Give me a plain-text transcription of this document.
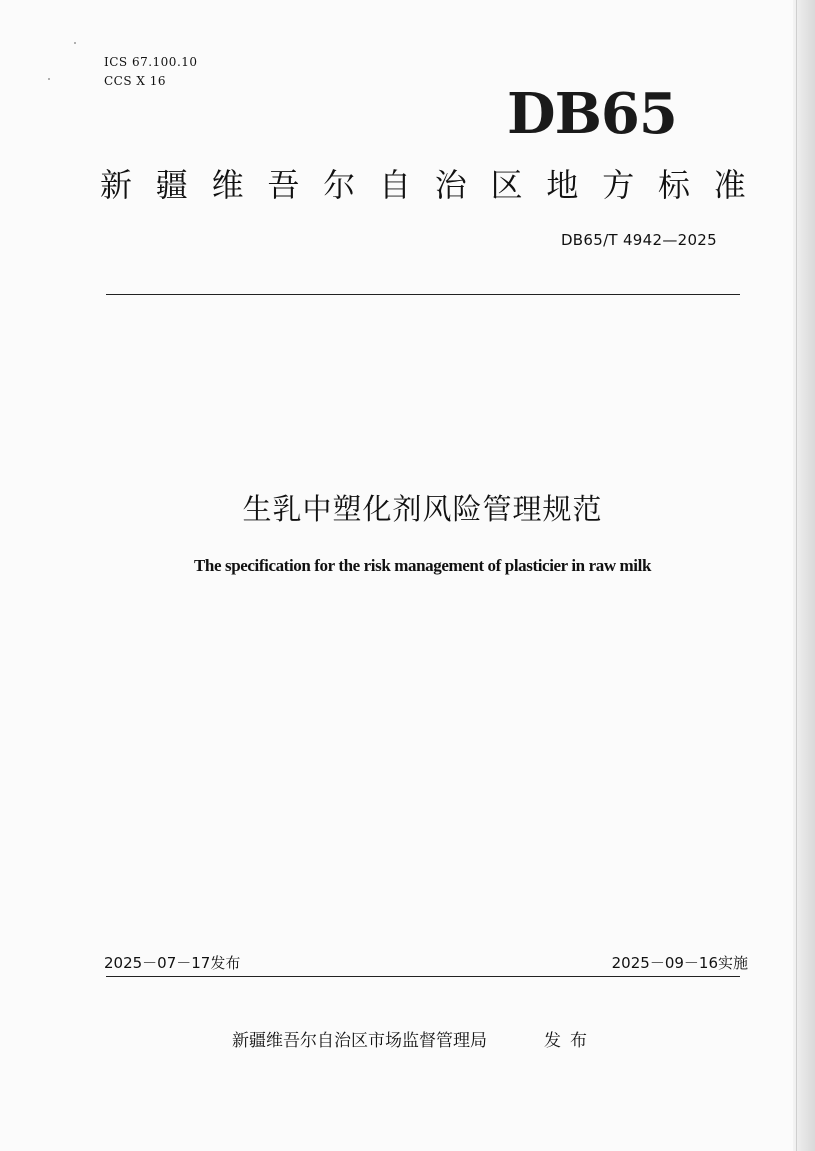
ICS 67.100.10
CCS X 16	DB65
新疆维吾尔自治区地方标准
DB65/T 4942—2025
生乳中塑化剂风险管理规范
The specification for the risk management of plasticier in raw milk
2025－07－17发布	2025－09－16实施
新疆维吾尔自治区市场监督管理局	发布
